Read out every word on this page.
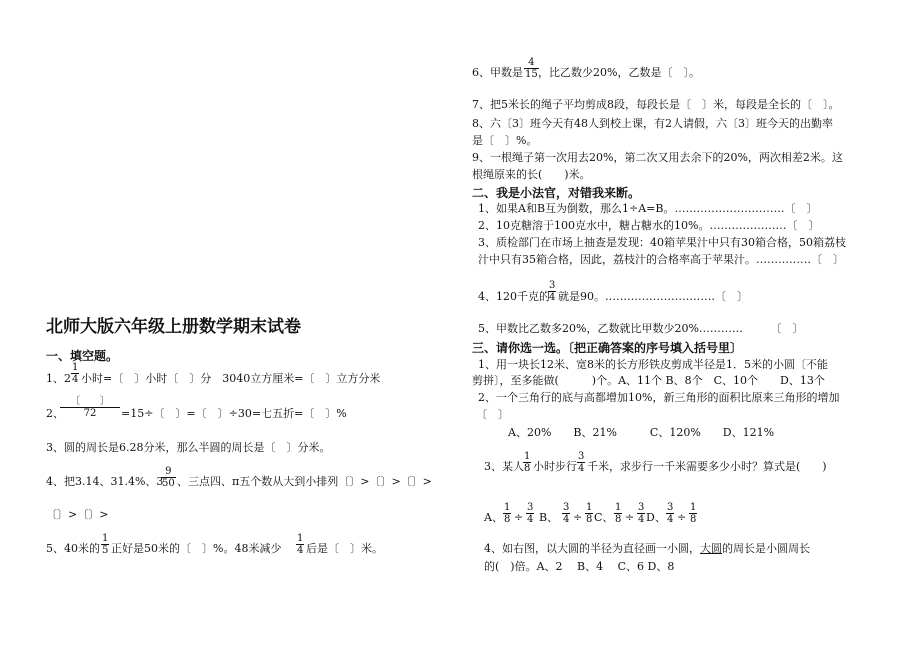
北师大版六年级上册数学期末试卷
一、填空题。
1、$2 \frac{1}{4}$ 小时=〔　〕小时〔　〕分　3040立方厘米=〔　〕立方分米
2、
〔　　〕
72	=15÷〔　〕=〔　〕÷30=七五折=〔　〕%
3、圆的周长是6.28分米，那么半圆的周长是〔　〕分米。
4、把3.14、31.4%、3
$\frac{9}{50}$ 、三点四、π五个数从大到小排列〔〕>〔〕>〔〕>
〔〕>〔〕>
5、40米的 $\frac{1}{5}$ 正好是50米的〔　〕%。48米减少 $\frac{1}{4}$ 后是〔　〕米。
6、甲数是 $\frac{4}{15}$ ，比乙数少20%，乙数是〔　〕。
7、把5米长的绳子平均剪成8段，每段长是〔　〕米，每段是全长的〔　〕。
8、六〔3〕班今天有48人到校上课，有2人请假，六〔3〕班今天的出勤率
是〔　〕%。
9、一根绳子第一次用去20%，第二次又用去余下的20%，两次相差2米。这
根绳原来的长(　　)米。
二、我是小法官，对错我来断。
1、如果A和B互为倒数，那么1÷A=B。…………………………〔　〕
2、10克糖溶于100克水中，糖占糖水的10%。…………………〔　〕
3、质检部门在市场上抽查是发现：40箱苹果汁中只有30箱合格，50箱荔枝
汁中只有35箱合格，因此，荔枝汁的合格率高于苹果汁。……………〔　〕
4、120千克的
$\frac{3}{4}$ 就是90。…………………………〔　〕
5、甲数比乙数多20%，乙数就比甲数少20%…………　　　〔　〕
三、请你选一选。〔把正确答案的序号填入括号里〕
1、用一块长12米、宽8米的长方形铁皮剪成半径是1．5米的小圆〔不能
剪拼〕，至多能做(　　　)个。A、11个 B、8个　C、10个　　D、13个
2、一个三角行的底与高都增加10%，新三角形的面积比原来三角形的增加
〔　〕
A、20%　　B、21%　　　C、120%　　D、121%
3、某人 $\frac{1}{8}$ 小时步行 $\frac{3}{4}$ 千米，求步行一千米需要多少小时？算式是(　　)
A、 $\frac{1}{8} \div \frac{3}{4}$ B、 $\frac{3}{4} \div \frac{1}{8}$ C、 $\frac{1}{8} \div \frac{3}{4}$ D、 $\frac{3}{4} \div \frac{1}{8}$
4、如右图，以大圆的半径为直径画一小圆，大圆的周长是小圆周长
的(　)倍。A、2　 B、4　 C、6 D、8
